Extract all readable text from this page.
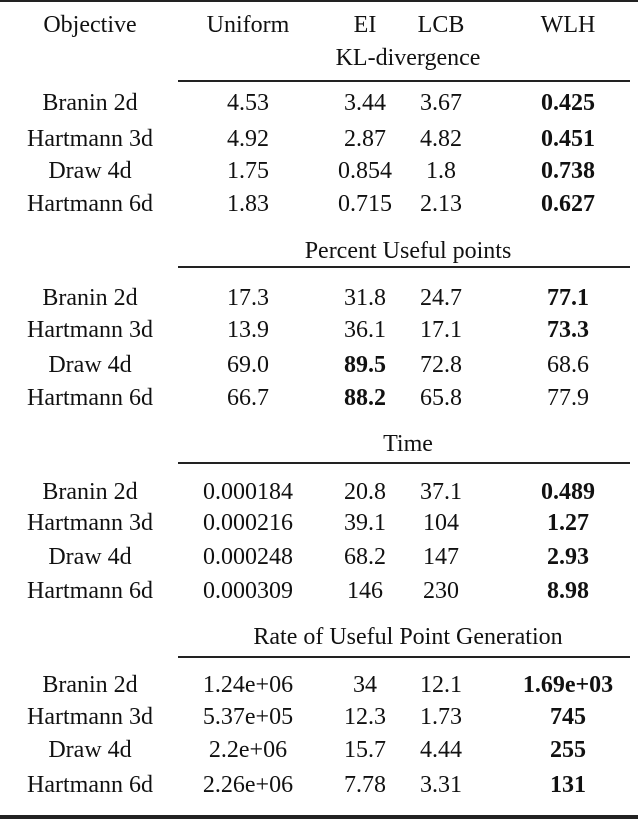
Objective	Uniform	EI	LCB	WLH
KL-divergence
Branin 2d	4.53	3.44	3.67	0.425
Hartmann 3d	4.92	2.87	4.82	0.451
Draw 4d	1.75	0.854	1.8	0.738
Hartmann 6d	1.83	0.715	2.13	0.627
Percent Useful points
Branin 2d	17.3	31.8	24.7	77.1
Hartmann 3d	13.9	36.1	17.1	73.3
Draw 4d	69.0	89.5	72.8	68.6
Hartmann 6d	66.7	88.2	65.8	77.9
Time
Branin 2d	0.000184	20.8	37.1	0.489
Hartmann 3d	0.000216	39.1	104	1.27
Draw 4d	0.000248	68.2	147	2.93
Hartmann 6d	0.000309	146	230	8.98
Rate of Useful Point Generation
Branin 2d	1.24e+06	34	12.1	1.69e+03
Hartmann 3d	5.37e+05	12.3	1.73	745
Draw 4d	2.2e+06	15.7	4.44	255
Hartmann 6d	2.26e+06	7.78	3.31	131
